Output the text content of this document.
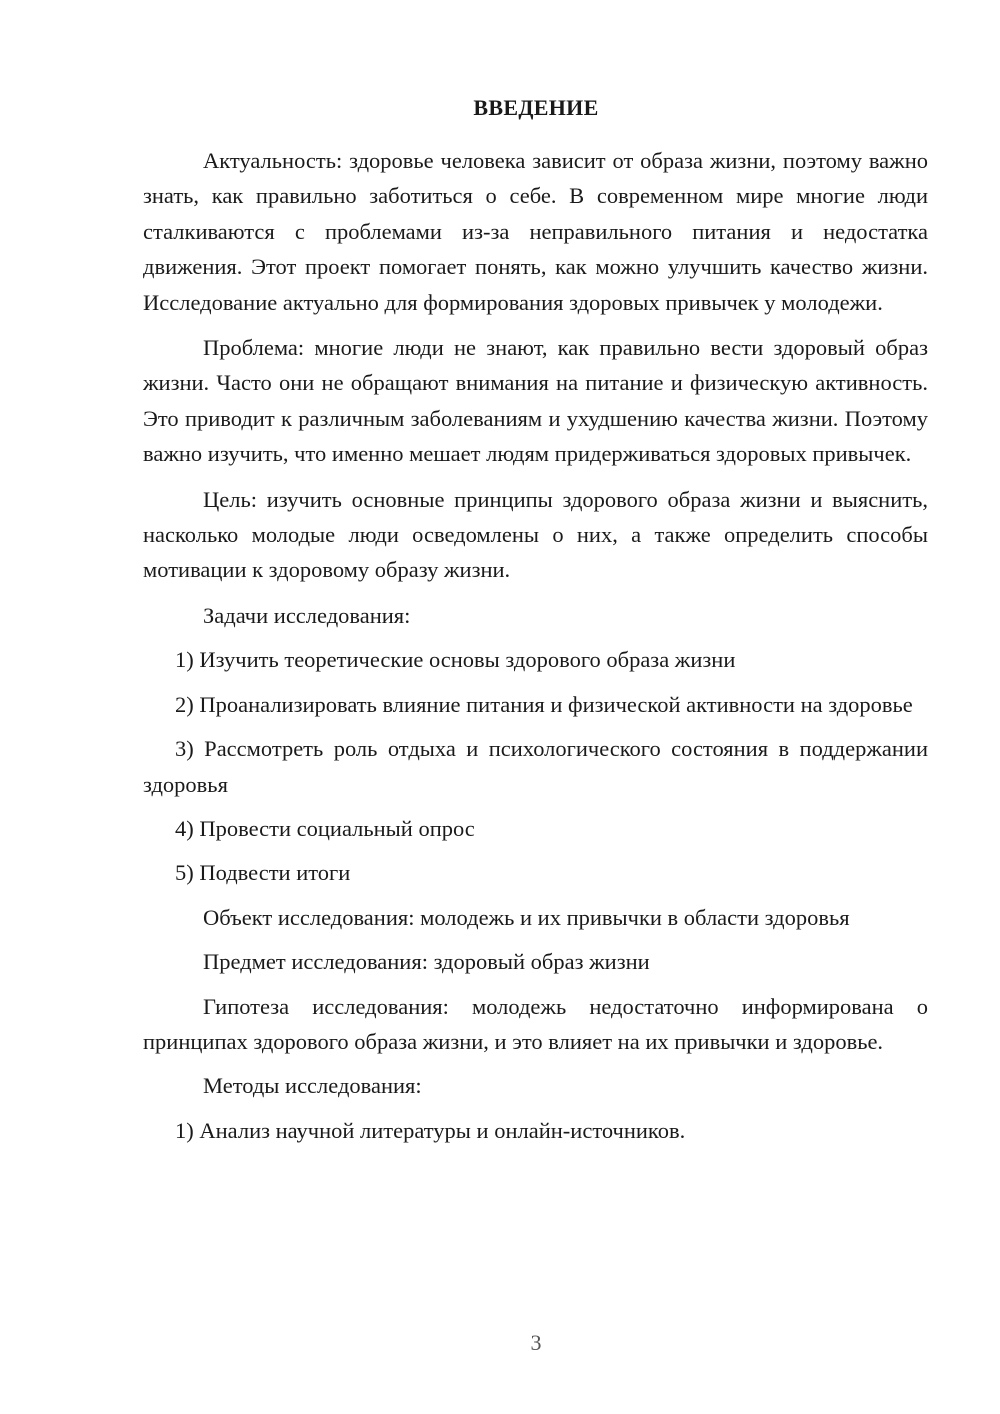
ВВЕДЕНИЕ

Актуальность: здоровье человека зависит от образа жизни, поэтому важно знать, как правильно заботиться о себе. В современном мире многие люди сталкиваются с проблемами из-за неправильного питания и недостатка движения. Этот проект помогает понять, как можно улучшить качество жизни. Исследование актуально для формирования здоровых привычек у молодежи.

Проблема: многие люди не знают, как правильно вести здоровый образ жизни. Часто они не обращают внимания на питание и физическую активность. Это приводит к различным заболеваниям и ухудшению качества жизни. Поэтому важно изучить, что именно мешает людям придерживаться здоровых привычек.

Цель: изучить основные принципы здорового образа жизни и выяснить, насколько молодые люди осведомлены о них, а также определить способы мотивации к здоровому образу жизни.

Задачи исследования:

1) Изучить теоретические основы здорового образа жизни

2) Проанализировать влияние питания и физической активности на здоровье

3) Рассмотреть роль отдыха и психологического состояния в поддержании здоровья

4) Провести социальный опрос

5) Подвести итоги

Объект исследования: молодежь и их привычки в области здоровья

Предмет исследования: здоровый образ жизни

Гипотеза исследования: молодежь недостаточно информирована о принципах здорового образа жизни, и это влияет на их привычки и здоровье.

Методы исследования:

1) Анализ научной литературы и онлайн-источников.

3
